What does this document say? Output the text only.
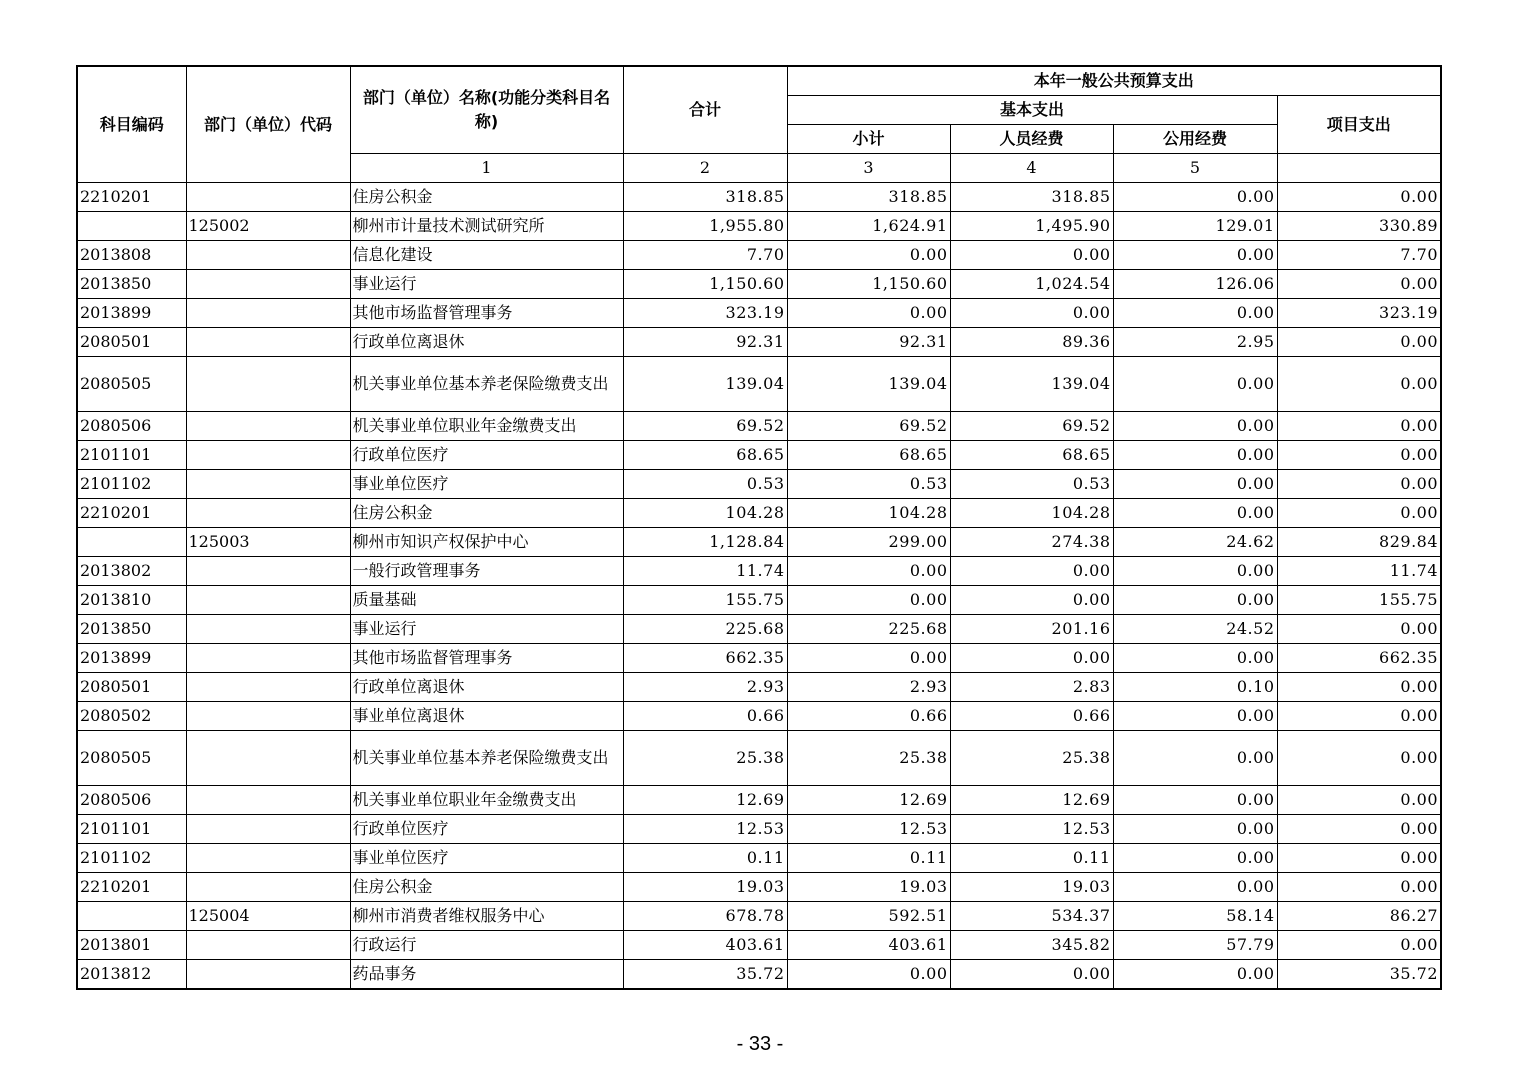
科目编码	部门（单位）代码	部门（单位）名称(功能分类科目名称)	合计	本年一般公共预算支出			
				基本支出			项目支出
				小计	人员经费	公用经费	
		1	2	3	4	5	
2210201		住房公积金	318.85	318.85	318.85	0.00	0.00
	125002	柳州市计量技术测试研究所	1,955.80	1,624.91	1,495.90	129.01	330.89
2013808		信息化建设	7.70	0.00	0.00	0.00	7.70
2013850		事业运行	1,150.60	1,150.60	1,024.54	126.06	0.00
2013899		其他市场监督管理事务	323.19	0.00	0.00	0.00	323.19
2080501		行政单位离退休	92.31	92.31	89.36	2.95	0.00
2080505		机关事业单位基本养老保险缴费支出	139.04	139.04	139.04	0.00	0.00
2080506		机关事业单位职业年金缴费支出	69.52	69.52	69.52	0.00	0.00
2101101		行政单位医疗	68.65	68.65	68.65	0.00	0.00
2101102		事业单位医疗	0.53	0.53	0.53	0.00	0.00
2210201		住房公积金	104.28	104.28	104.28	0.00	0.00
	125003	柳州市知识产权保护中心	1,128.84	299.00	274.38	24.62	829.84
2013802		一般行政管理事务	11.74	0.00	0.00	0.00	11.74
2013810		质量基础	155.75	0.00	0.00	0.00	155.75
2013850		事业运行	225.68	225.68	201.16	24.52	0.00
2013899		其他市场监督管理事务	662.35	0.00	0.00	0.00	662.35
2080501		行政单位离退休	2.93	2.93	2.83	0.10	0.00
2080502		事业单位离退休	0.66	0.66	0.66	0.00	0.00
2080505		机关事业单位基本养老保险缴费支出	25.38	25.38	25.38	0.00	0.00
2080506		机关事业单位职业年金缴费支出	12.69	12.69	12.69	0.00	0.00
2101101		行政单位医疗	12.53	12.53	12.53	0.00	0.00
2101102		事业单位医疗	0.11	0.11	0.11	0.00	0.00
2210201		住房公积金	19.03	19.03	19.03	0.00	0.00
	125004	柳州市消费者维权服务中心	678.78	592.51	534.37	58.14	86.27
2013801		行政运行	403.61	403.61	345.82	57.79	0.00
2013812		药品事务	35.72	0.00	0.00	0.00	35.72
- 33 -
